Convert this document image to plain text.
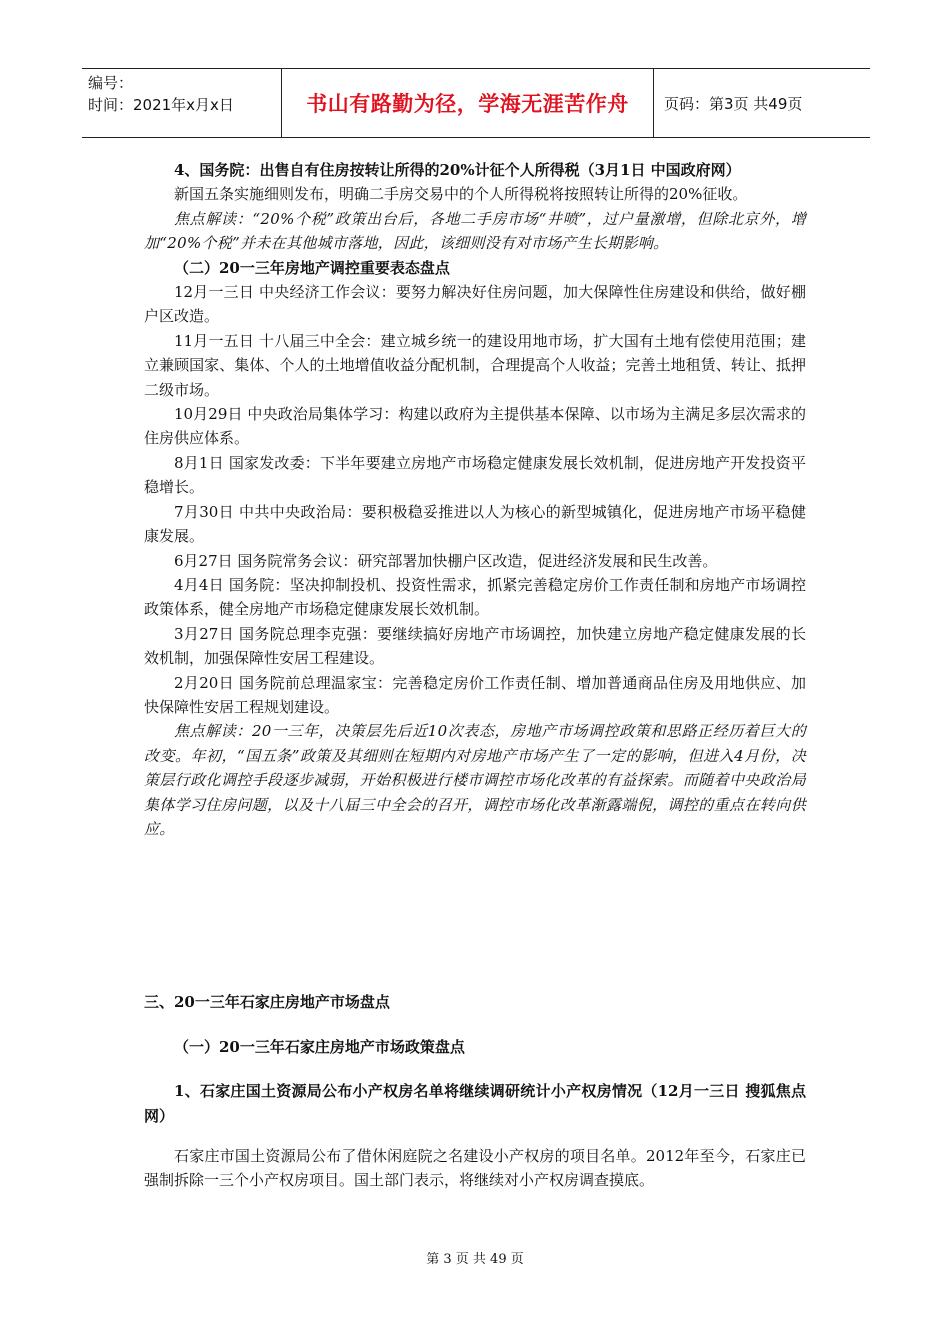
编号：
时间：2021年x月x日	书山有路勤为径，学海无涯苦作舟	页码：第3页 共49页

4、国务院：出售自有住房按转让所得的20%计征个人所得税（3月1日 中国政府网）

新国五条实施细则发布，明确二手房交易中的个人所得税将按照转让所得的20%征收。

焦点解读：“20%个税”政策出台后，各地二手房市场“井喷”，过户量激增，但除北京外，增加“20%个税”并未在其他城市落地，因此，该细则没有对市场产生长期影响。

（二）20一三年房地产调控重要表态盘点

12月一三日 中央经济工作会议：要努力解决好住房问题，加大保障性住房建设和供给，做好棚户区改造。

11月一五日 十八届三中全会：建立城乡统一的建设用地市场，扩大国有土地有偿使用范围；建立兼顾国家、集体、个人的土地增值收益分配机制，合理提高个人收益；完善土地租赁、转让、抵押二级市场。

10月29日 中央政治局集体学习：构建以政府为主提供基本保障、以市场为主满足多层次需求的住房供应体系。

8月1日 国家发改委：下半年要建立房地产市场稳定健康发展长效机制，促进房地产开发投资平稳增长。

7月30日 中共中央政治局：要积极稳妥推进以人为核心的新型城镇化，促进房地产市场平稳健康发展。

6月27日 国务院常务会议：研究部署加快棚户区改造，促进经济发展和民生改善。

4月4日 国务院：坚决抑制投机、投资性需求，抓紧完善稳定房价工作责任制和房地产市场调控政策体系，健全房地产市场稳定健康发展长效机制。

3月27日 国务院总理李克强：要继续搞好房地产市场调控，加快建立房地产稳定健康发展的长效机制，加强保障性安居工程建设。

2月20日 国务院前总理温家宝：完善稳定房价工作责任制、增加普通商品住房及用地供应、加快保障性安居工程规划建设。

焦点解读：20一三年，决策层先后近10次表态，房地产市场调控政策和思路正经历着巨大的改变。年初，“国五条”政策及其细则在短期内对房地产市场产生了一定的影响，但进入4月份，决策层行政化调控手段逐步减弱，开始积极进行楼市调控市场化改革的有益探索。而随着中央政治局集体学习住房问题，以及十八届三中全会的召开，调控市场化改革渐露端倪，调控的重点在转向供应。

三、20一三年石家庄房地产市场盘点

（一）20一三年石家庄房地产市场政策盘点

1、石家庄国土资源局公布小产权房名单将继续调研统计小产权房情况（12月一三日 搜狐焦点网）

石家庄市国土资源局公布了借休闲庭院之名建设小产权房的项目名单。2012年至今，石家庄已强制拆除一三个小产权房项目。国土部门表示，将继续对小产权房调查摸底。

第 3 页 共 49 页
